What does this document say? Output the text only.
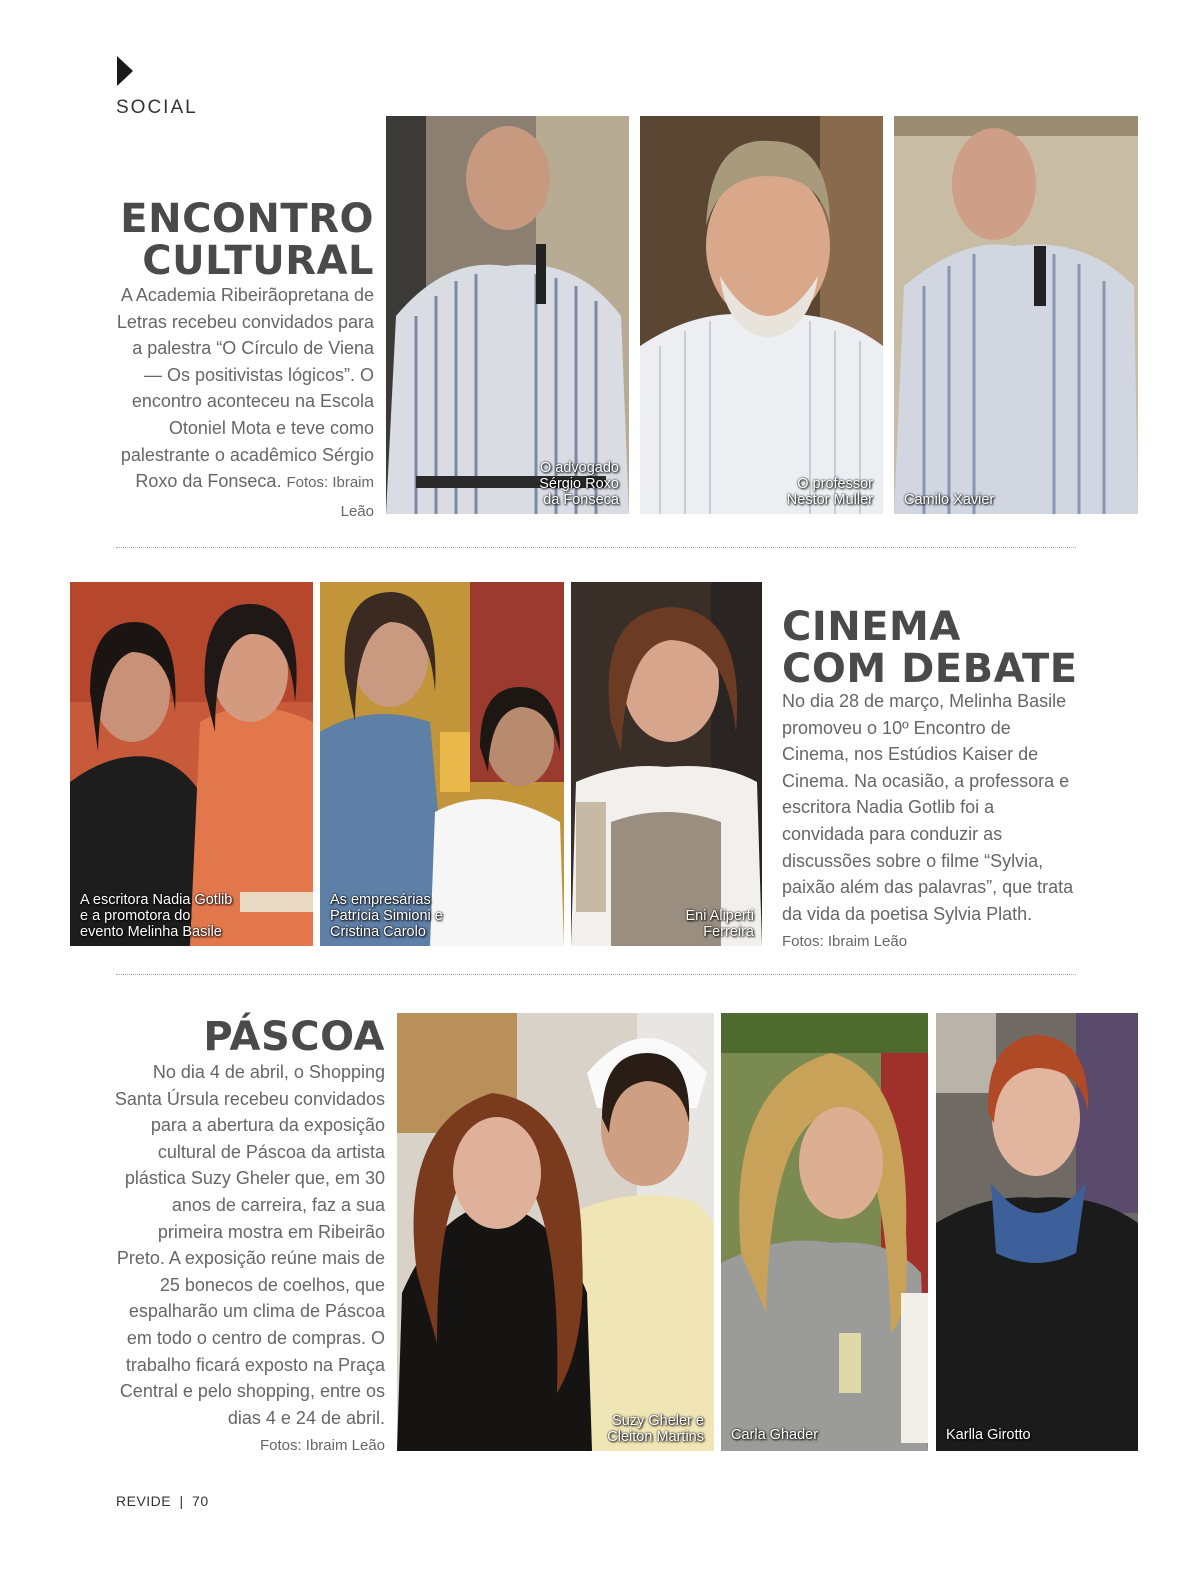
SOCIAL
ENCONTRO
CULTURAL
A Academia Ribeirãopretana de Letras recebeu convidados para a palestra “O Círculo de Viena — Os positivistas lógicos”. O encontro aconteceu na Escola Otoniel Mota e teve como palestrante o acadêmico Sérgio Roxo da Fonseca. Fotos: Ibraim Leão
O advogado
Sérgio Roxo
da Fonseca
O professor
Nestor Muller Camilo Xavier
A escritora Nadia Gotlib
e a promotora do
evento Melinha Basile
As empresárias
Patrícia Simioni e
Cristina Carolo
Eni Aliperti
Ferreira
CINEMA
COM DEBATE
No dia 28 de março, Melinha Basile promoveu o 10º Encontro de Cinema, nos Estúdios Kaiser de Cinema. Na ocasião, a professora e escritora Nadia Gotlib foi a convidada para conduzir as discussões sobre o filme “Sylvia, paixão além das palavras”, que trata da vida da poetisa Sylvia Plath.
Fotos: Ibraim Leão
PÁSCOA
No dia 4 de abril, o Shopping Santa Úrsula recebeu convidados para a abertura da exposição cultural de Páscoa da artista plástica Suzy Gheler que, em 30 anos de carreira, faz a sua primeira mostra em Ribeirão Preto. A exposição reúne mais de 25 bonecos de coelhos, que espalharão um clima de Páscoa em todo o centro de compras. O trabalho ficará exposto na Praça Central e pelo shopping, entre os dias 4 e 24 de abril.
Fotos: Ibraim Leão
Suzy Gheler e
Cleiton Martins Carla Ghader	Karlla Girotto
REVIDE | 70
